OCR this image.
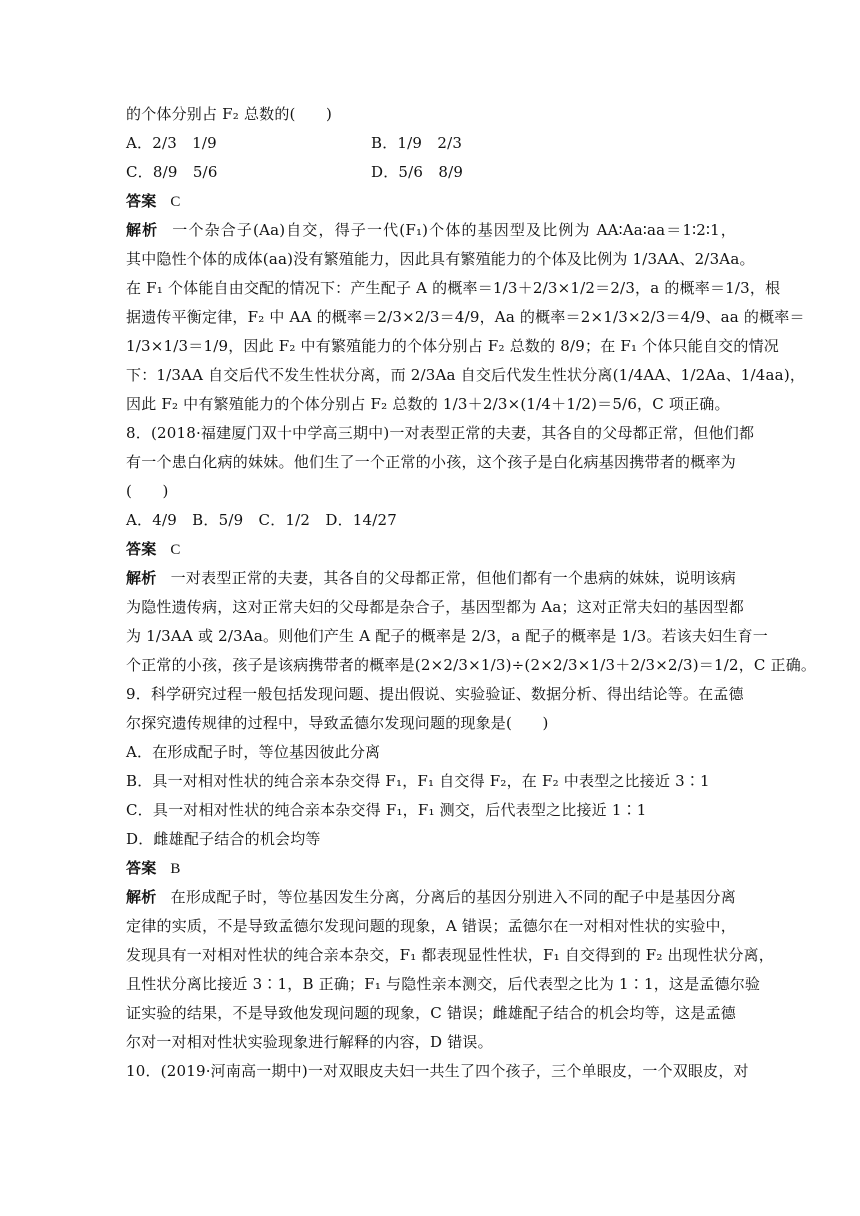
的个体分别占 F₂ 总数的(　　)
A．2/3　1/9	B．1/9　2/3
C．8/9　5/6	D．5/6　8/9
答案 C
解析 一个杂合子(Aa)自交，得子一代(F₁)个体的基因型及比例为 AA∶Aa∶aa＝1∶2∶1，
其中隐性个体的成体(aa)没有繁殖能力，因此具有繁殖能力的个体及比例为 1/3AA、2/3Aa。
在 F₁ 个体能自由交配的情况下：产生配子 A 的概率＝1/3＋2/3×1/2＝2/3，a 的概率＝1/3，根
据遗传平衡定律，F₂ 中 AA 的概率＝2/3×2/3＝4/9，Aa 的概率＝2×1/3×2/3＝4/9、aa 的概率＝
1/3×1/3＝1/9，因此 F₂ 中有繁殖能力的个体分别占 F₂ 总数的 8/9；在 F₁ 个体只能自交的情况
下：1/3AA 自交后代不发生性状分离，而 2/3Aa 自交后代发生性状分离(1/4AA、1/2Aa、1/4aa)，
因此 F₂ 中有繁殖能力的个体分别占 F₂ 总数的 1/3＋2/3×(1/4＋1/2)＝5/6，C 项正确。
8．(2018·福建厦门双十中学高三期中)一对表型正常的夫妻，其各自的父母都正常，但他们都
有一个患白化病的妹妹。他们生了一个正常的小孩，这个孩子是白化病基因携带者的概率为
(　　)
A．4/9　B．5/9　C．1/2　D．14/27
答案 C
解析 一对表型正常的夫妻，其各自的父母都正常，但他们都有一个患病的妹妹，说明该病
为隐性遗传病，这对正常夫妇的父母都是杂合子，基因型都为 Aa；这对正常夫妇的基因型都
为 1/3AA 或 2/3Aa。则他们产生 A 配子的概率是 2/3，a 配子的概率是 1/3。若该夫妇生育一
个正常的小孩，孩子是该病携带者的概率是(2×2/3×1/3)÷(2×2/3×1/3＋2/3×2/3)＝1/2，C 正确。
9．科学研究过程一般包括发现问题、提出假说、实验验证、数据分析、得出结论等。在孟德
尔探究遗传规律的过程中，导致孟德尔发现问题的现象是(　　)
A．在形成配子时，等位基因彼此分离
B．具一对相对性状的纯合亲本杂交得 F₁，F₁ 自交得 F₂，在 F₂ 中表型之比接近 3∶1
C．具一对相对性状的纯合亲本杂交得 F₁，F₁ 测交，后代表型之比接近 1∶1
D．雌雄配子结合的机会均等
答案 B
解析 在形成配子时，等位基因发生分离，分离后的基因分别进入不同的配子中是基因分离
定律的实质，不是导致孟德尔发现问题的现象，A 错误；孟德尔在一对相对性状的实验中，
发现具有一对相对性状的纯合亲本杂交，F₁ 都表现显性性状，F₁ 自交得到的 F₂ 出现性状分离，
且性状分离比接近 3∶1，B 正确；F₁ 与隐性亲本测交，后代表型之比为 1∶1，这是孟德尔验
证实验的结果，不是导致他发现问题的现象，C 错误；雌雄配子结合的机会均等，这是孟德
尔对一对相对性状实验现象进行解释的内容，D 错误。
10．(2019·河南高一期中)一对双眼皮夫妇一共生了四个孩子，三个单眼皮，一个双眼皮，对
